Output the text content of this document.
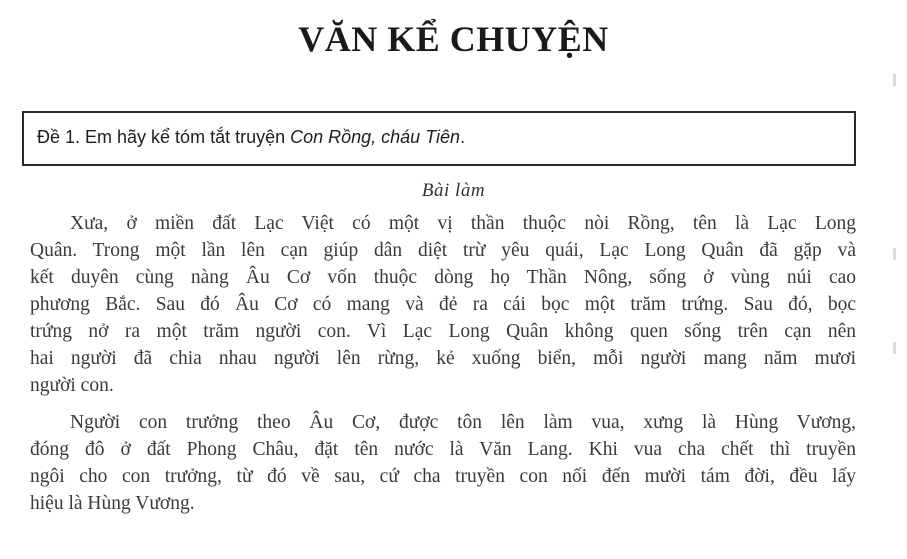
VĂN KỂ CHUYỆN
Đề 1. Em hãy kể tóm tắt truyện Con Rồng, cháu Tiên.
Bài làm
Xưa, ở miền đất Lạc Việt có một vị thần thuộc nòi Rồng, tên là Lạc Long
Quân. Trong một lần lên cạn giúp dân diệt trừ yêu quái, Lạc Long Quân đã gặp và
kết duyên cùng nàng Âu Cơ vốn thuộc dòng họ Thần Nông, sống ở vùng núi cao
phương Bắc. Sau đó Âu Cơ có mang và đẻ ra cái bọc một trăm trứng. Sau đó, bọc
trứng nở ra một trăm người con. Vì Lạc Long Quân không quen sống trên cạn nên
hai người đã chia nhau người lên rừng, kẻ xuống biển, mỗi người mang năm mươi
người con.
Người con trưởng theo Âu Cơ, được tôn lên làm vua, xưng là Hùng Vương,
đóng đô ở đất Phong Châu, đặt tên nước là Văn Lang. Khi vua cha chết thì truyền
ngôi cho con trưởng, từ đó về sau, cứ cha truyền con nối đến mười tám đời, đều lấy
hiệu là Hùng Vương.
